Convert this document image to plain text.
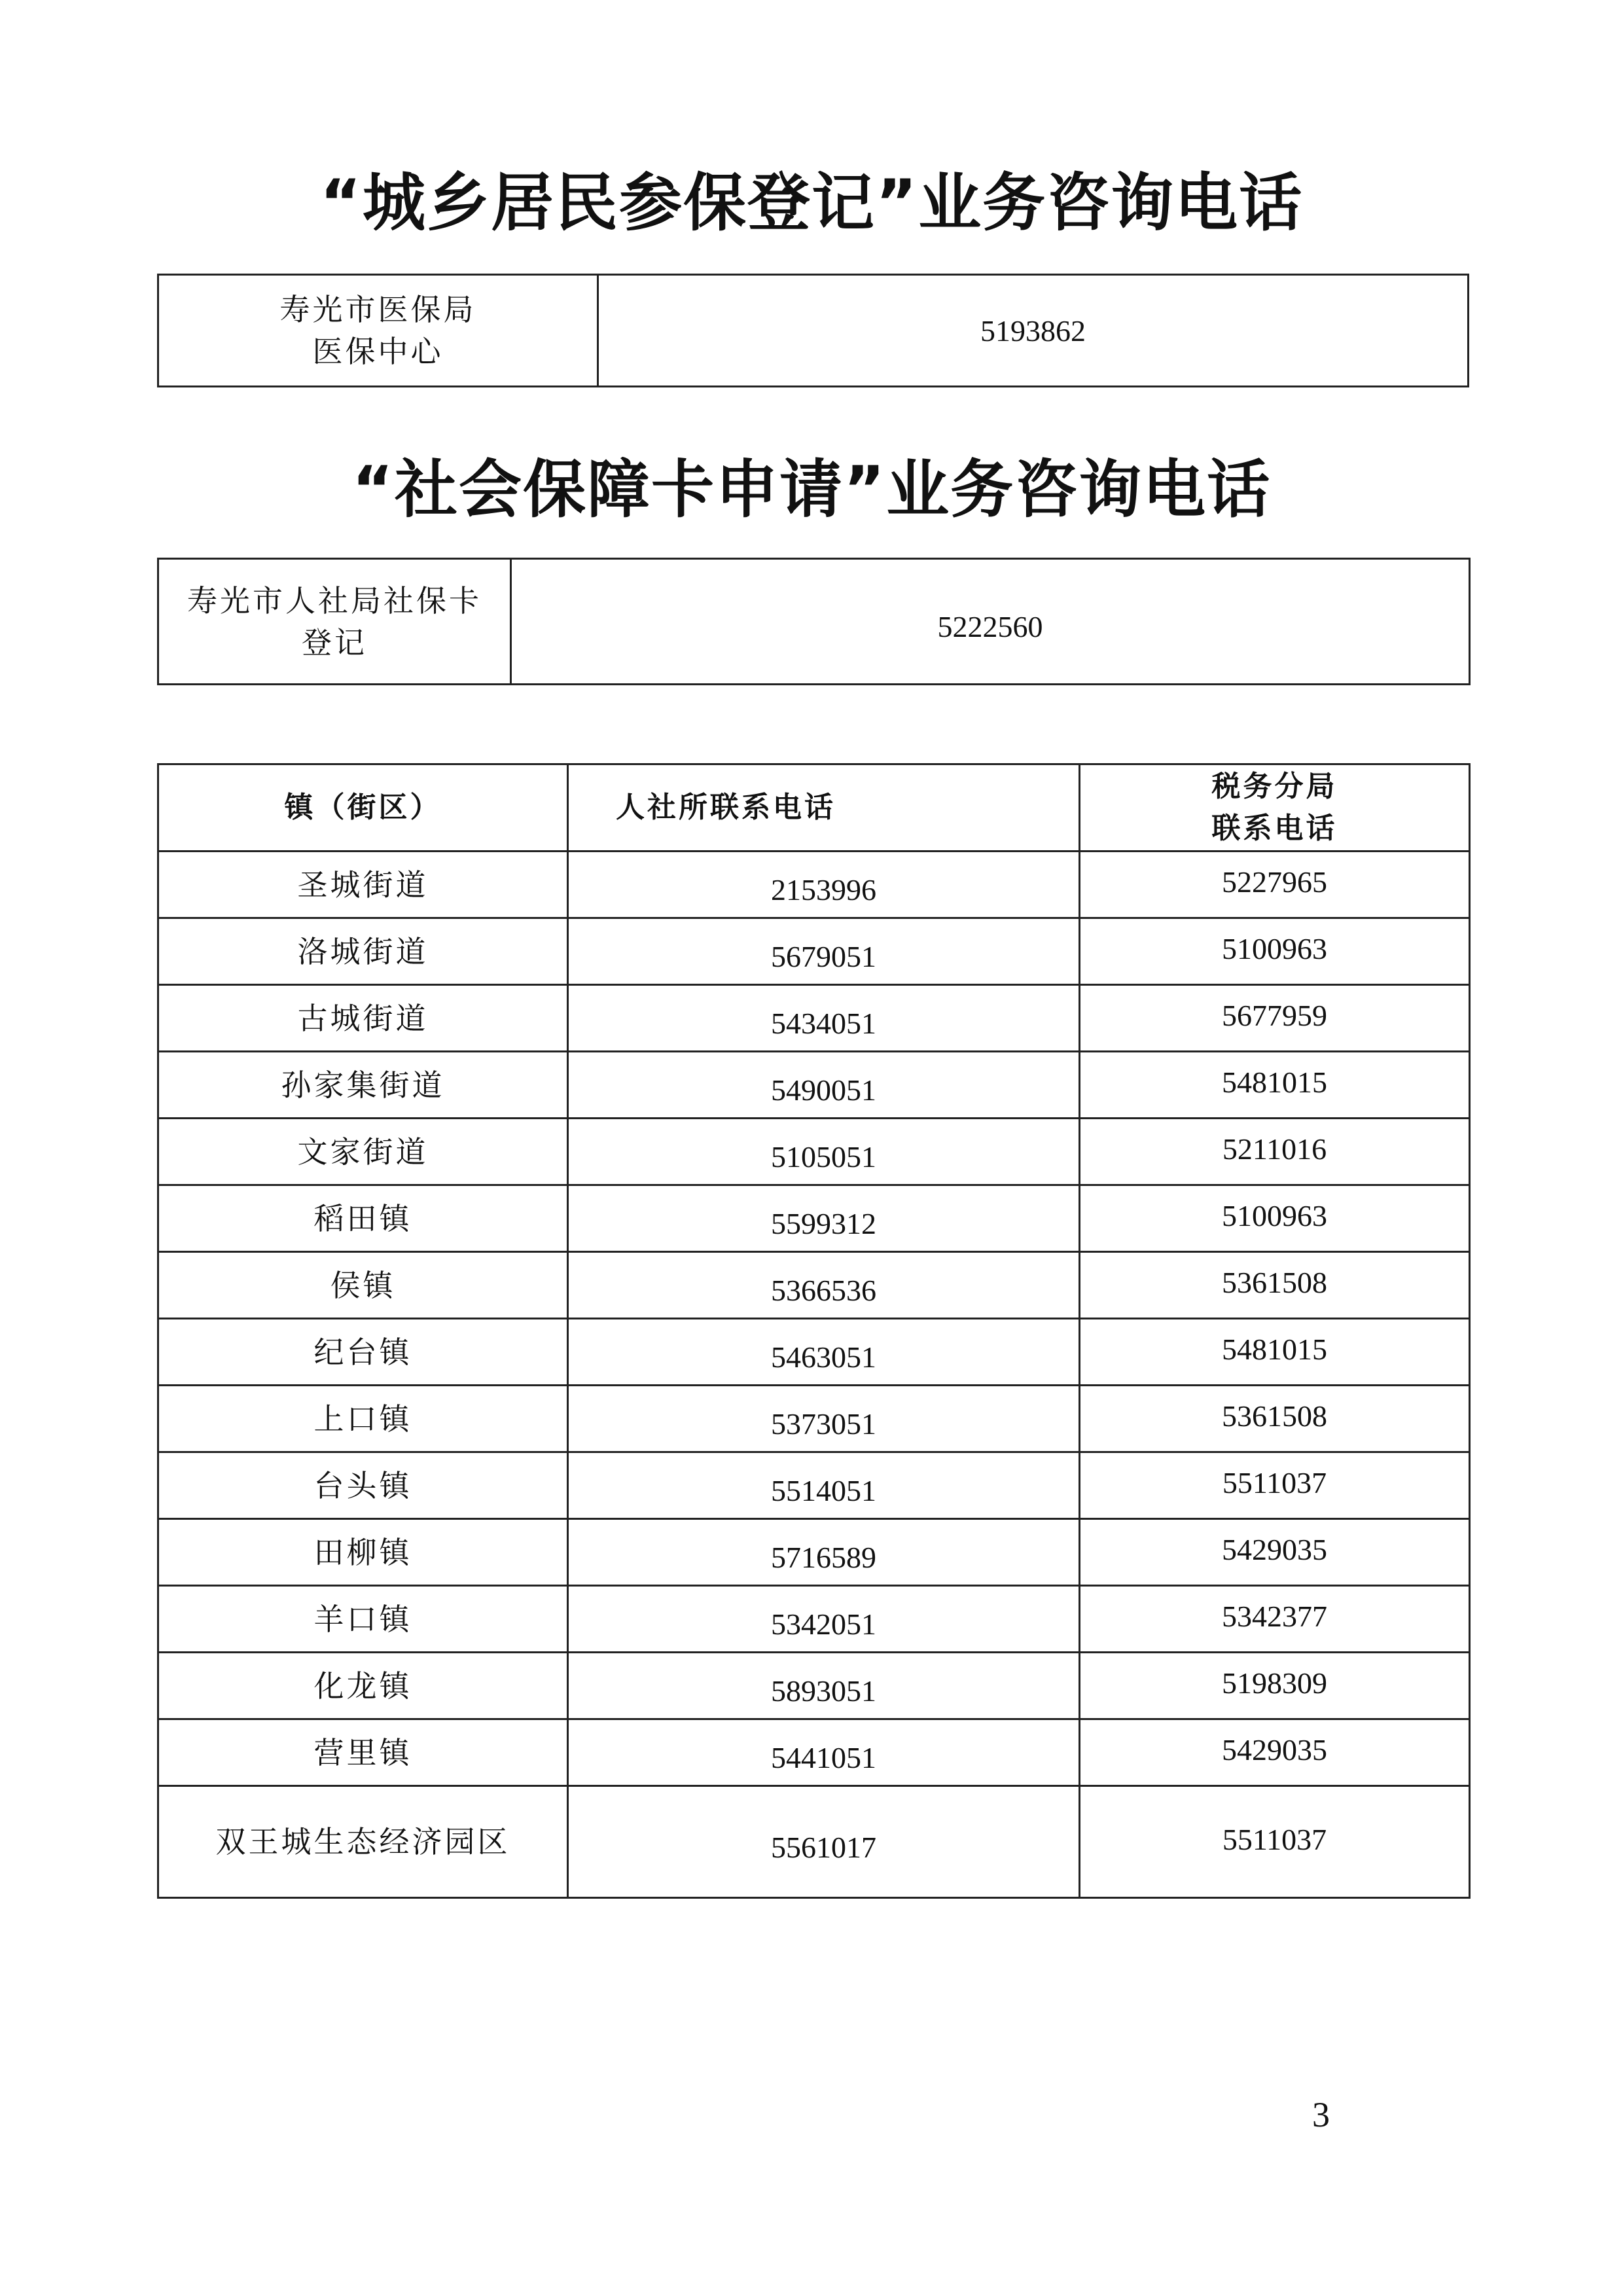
“城乡居民参保登记”业务咨询电话
寿光市医保局
医保中心
	5193862
“社会保障卡申请”业务咨询电话
寿光市人社局社保卡
登记	5222560
镇（街区）	人社所联系电话	税务分局
联系电话

圣城街道	2153996	5227965
洛城街道	5679051	5100963
古城街道	5434051	5677959
孙家集街道	5490051	5481015
文家街道	5105051	5211016
稻田镇	5599312	5100963
侯镇	5366536	5361508
纪台镇	5463051	5481015
上口镇	5373051	5361508
台头镇	5514051	5511037
田柳镇	5716589	5429035
羊口镇	5342051	5342377
化龙镇	5893051	5198309
营里镇	5441051	5429035
双王城生态经济园区	5561017	5511037
3
